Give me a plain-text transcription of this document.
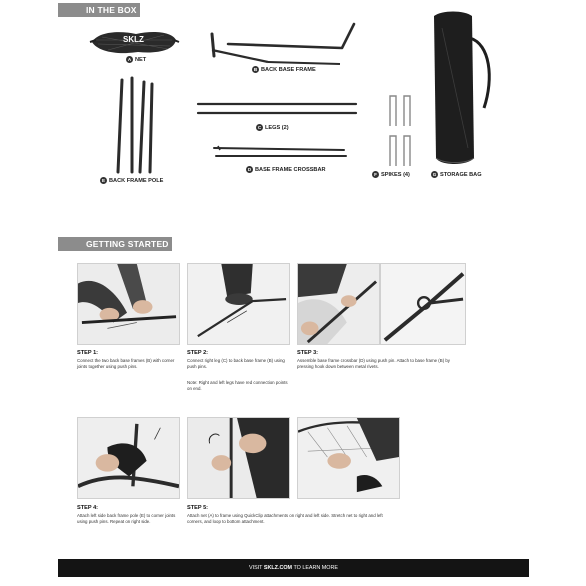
IN THE BOX
SKLZ
A NET
B BACK BASE FRAME
G STORAGE BAG
E BACK FRAME POLE
C LEGS (2)
D BASE FRAME CROSSBAR
F SPIKES (4)
GETTING STARTED
STEP 1:
Connect the two back base frames (B) with corner joints together using push pins.
STEP 2:
Connect right leg (C) to back base frame (B) using push pins.
Note: Right and left legs have red connection points on end.
STEP 3:
Assemble base frame crossbar (D) using push pin. Attach to base frame (B) by pressing hook down between metal rivets.
STEP 4:
Attach left side back frame pole (E) to corner joints using push pins. Repeat on right side.
STEP 5:
Attach net (A) to frame using QuickClip attachments on right and left side. Stretch net to right and left corners, and loop to bottom attachment.
VISIT SKLZ.COM TO LEARN MORE
